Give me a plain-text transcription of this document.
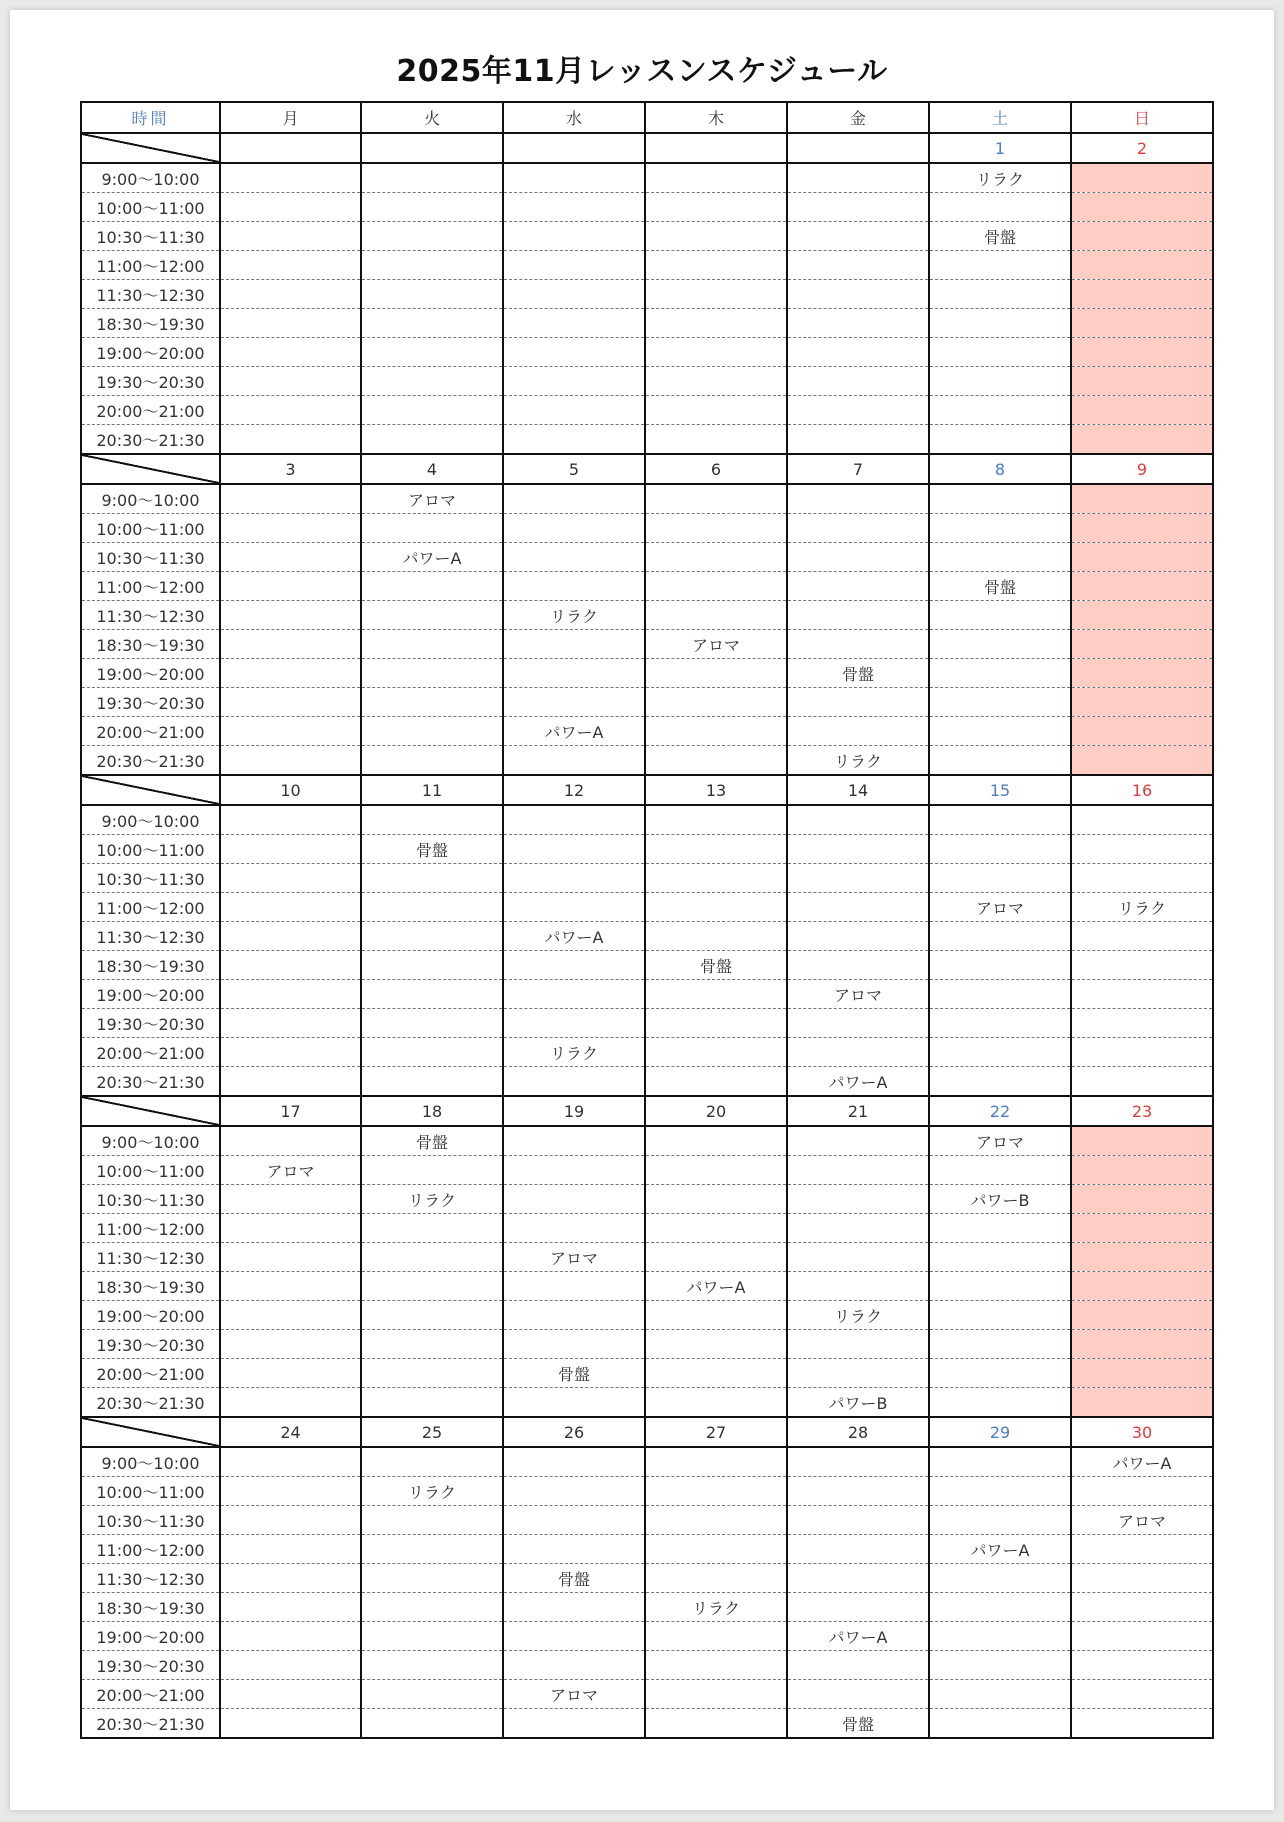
2025年11月レッスンスケジュール
時間	月	火	水	木	金	土	日
						1	2
9:00〜10:00						リラク	
10:00〜11:00							
10:30〜11:30						骨盤	
11:00〜12:00							
11:30〜12:30							
18:30〜19:30							
19:00〜20:00							
19:30〜20:30							
20:00〜21:00							
20:30〜21:30							
	3	4	5	6	7	8	9
9:00〜10:00		アロマ					
10:00〜11:00							
10:30〜11:30		パワーA					
11:00〜12:00						骨盤	
11:30〜12:30			リラク				
18:30〜19:30				アロマ			
19:00〜20:00					骨盤		
19:30〜20:30							
20:00〜21:00			パワーA				
20:30〜21:30					リラク		
	10	11	12	13	14	15	16
9:00〜10:00							
10:00〜11:00		骨盤					
10:30〜11:30							
11:00〜12:00						アロマ	リラク
11:30〜12:30			パワーA				
18:30〜19:30				骨盤			
19:00〜20:00					アロマ		
19:30〜20:30							
20:00〜21:00			リラク				
20:30〜21:30					パワーA		
	17	18	19	20	21	22	23
9:00〜10:00		骨盤				アロマ	
10:00〜11:00	アロマ						
10:30〜11:30		リラク				パワーB	
11:00〜12:00							
11:30〜12:30			アロマ				
18:30〜19:30				パワーA			
19:00〜20:00					リラク		
19:30〜20:30							
20:00〜21:00			骨盤				
20:30〜21:30					パワーB		
	24	25	26	27	28	29	30
9:00〜10:00							パワーA
10:00〜11:00		リラク					
10:30〜11:30							アロマ
11:00〜12:00						パワーA	
11:30〜12:30			骨盤				
18:30〜19:30				リラク			
19:00〜20:00					パワーA		
19:30〜20:30							
20:00〜21:00			アロマ				
20:30〜21:30					骨盤		
